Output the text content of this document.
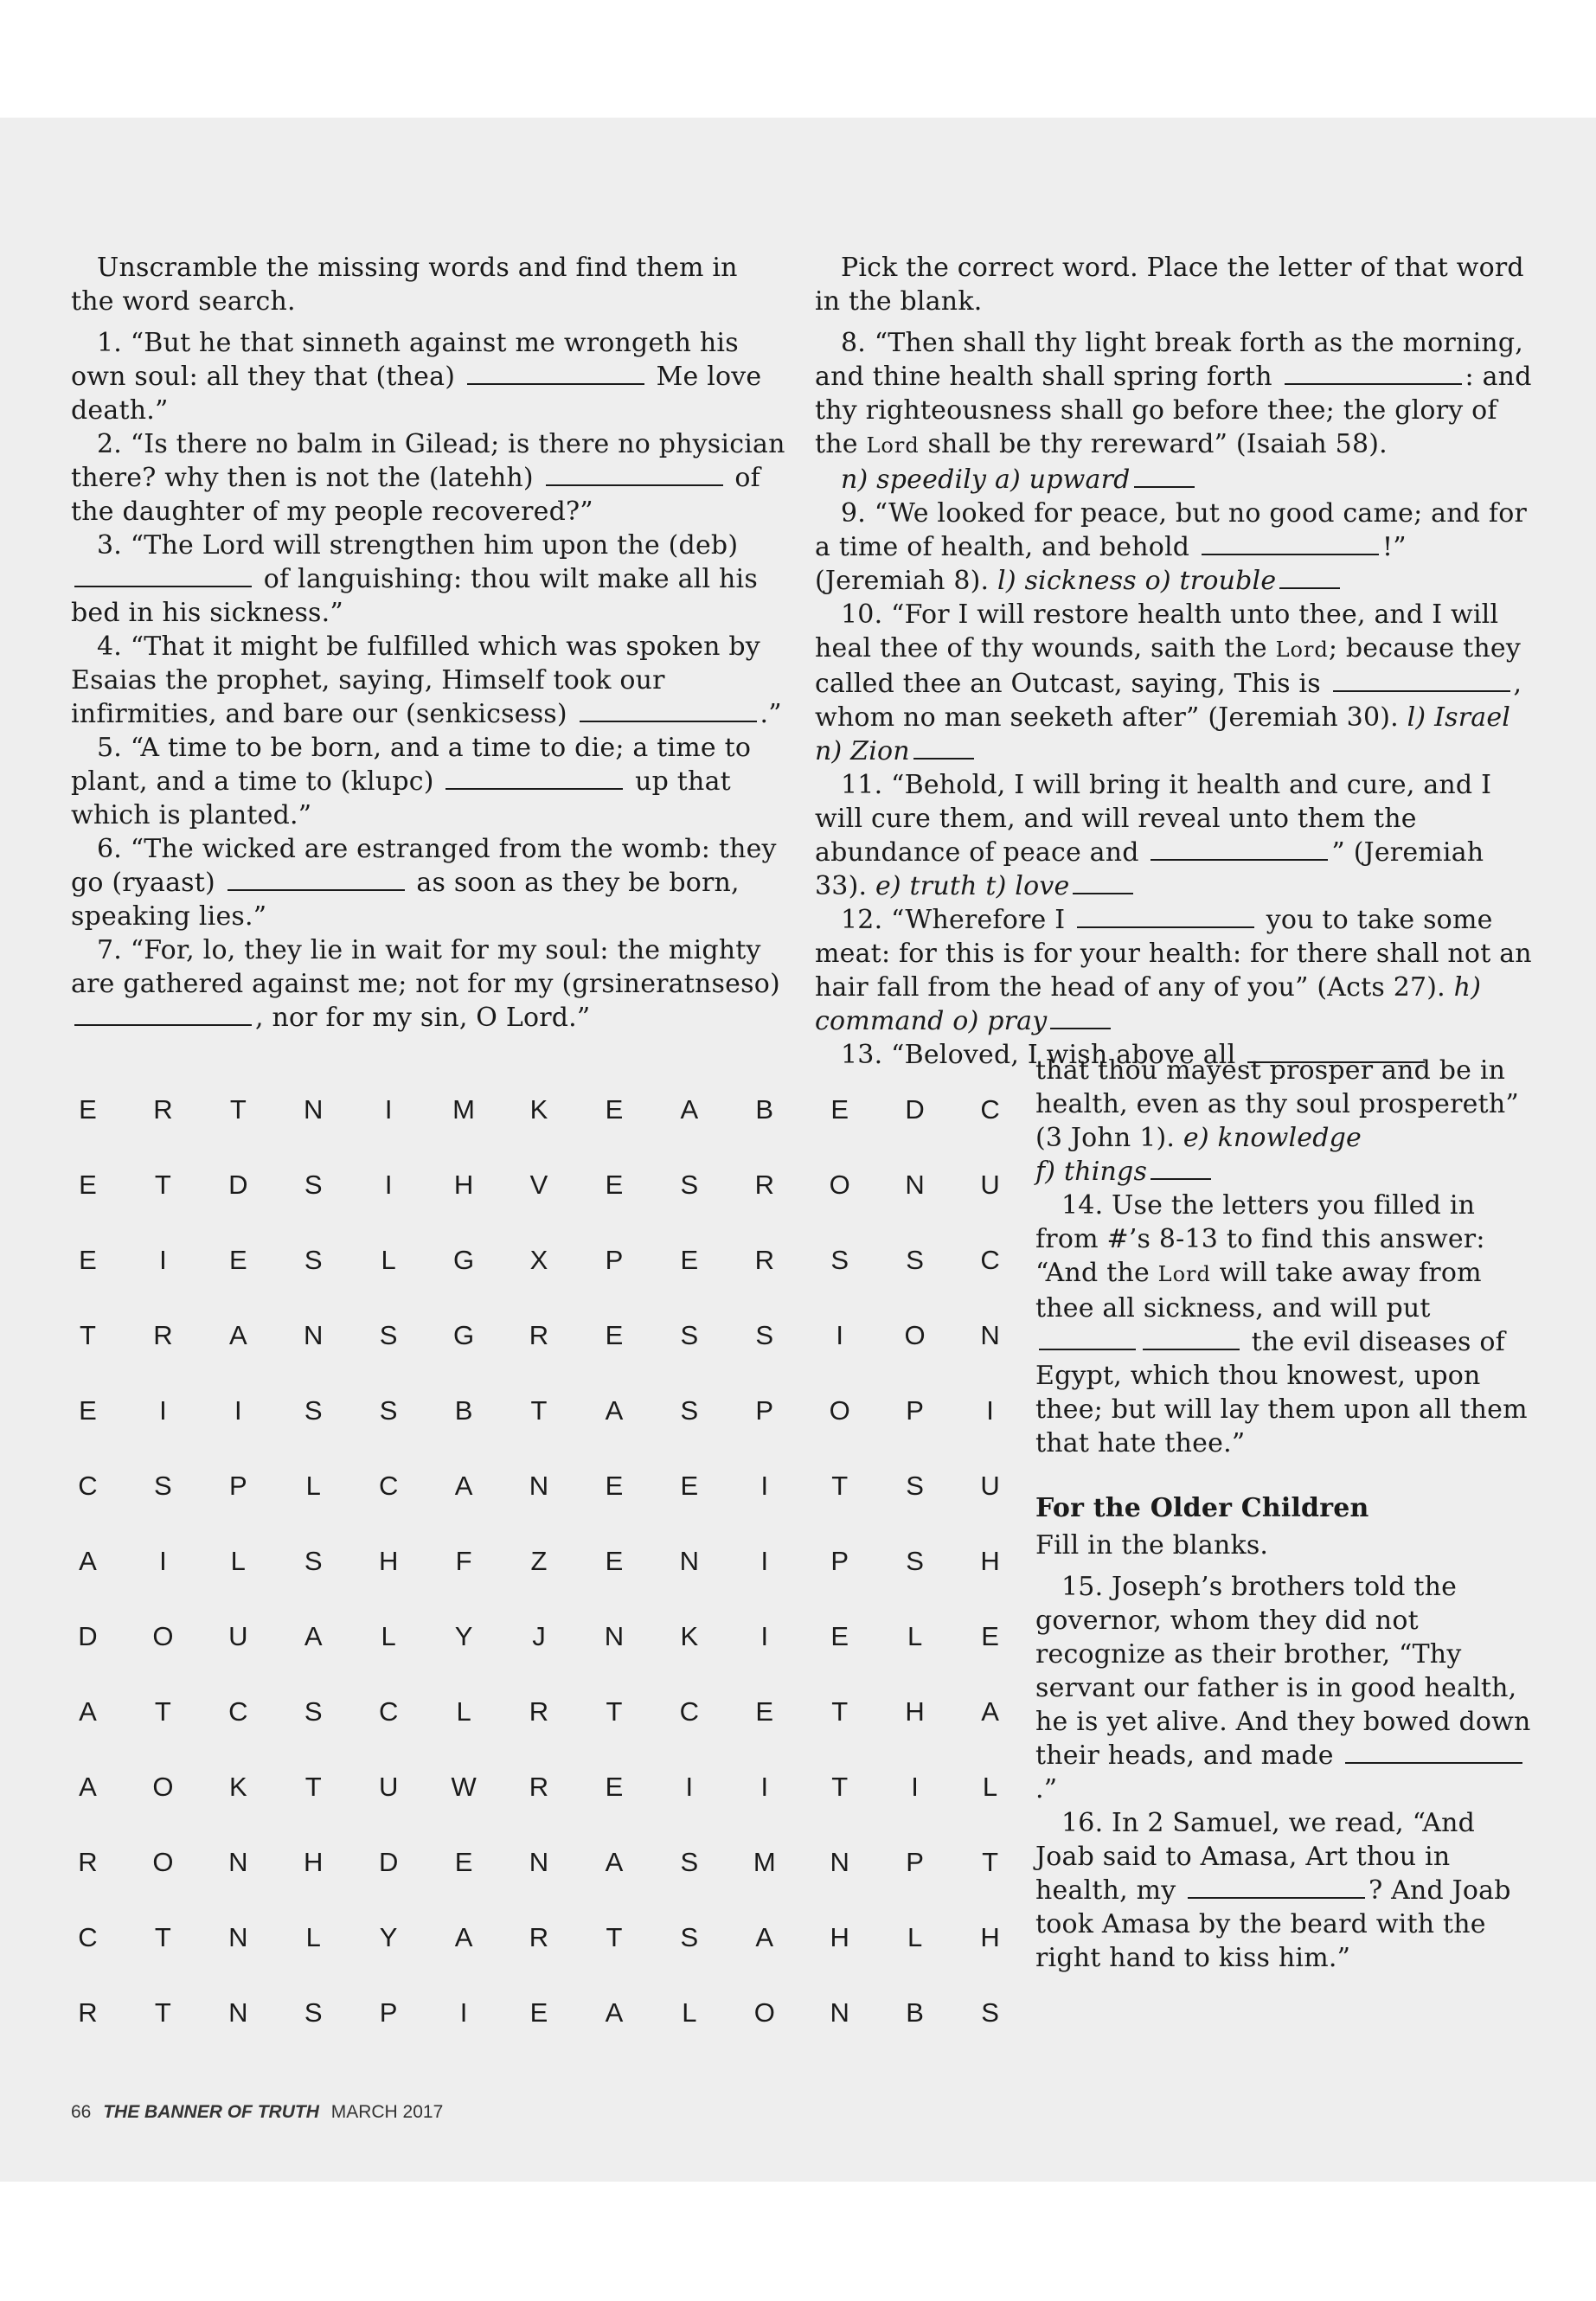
Unscramble the missing words and find them in the word search.

1. “But he that sinneth against me wrongeth his own soul: all they that (thea)	Me love death.”

2. “Is there no balm in Gilead; is there no physician there? why then is not the (latehh)	of the daughter of my people recovered?”

3. “The Lord will strengthen him upon the (deb)  of languishing: thou wilt make all his bed in his sickness.”

4. “That it might be fulfilled which was spoken by Esaias the prophet, saying, Himself took our infirmities, and bare our (senkicsess)	.”

5. “A time to be born, and a time to die; a time to plant, and a time to (klupc)	up that which is planted.”

6. “The wicked are estranged from the womb: they go (ryaast)	as soon as they be born, speaking lies.”

7. “For, lo, they lie in wait for my soul: the mighty are gathered against me; not for my (grsineratnseso) , nor for my sin, O Lord.”

Pick the correct word. Place the letter of that word in the blank.

8. “Then shall thy light break forth as the morning, and thine health shall spring forth	: and thy righteousness shall go before thee; the glory of the Lord shall be thy rereward” (Isaiah 58).

n) speedily a) upward

9. “We looked for peace, but no good came; and for a time of health, and behold	!” (Jeremiah 8). l) sickness o) trouble

10. “For I will restore health unto thee, and I will heal thee of thy wounds, saith the Lord; because they called thee an Outcast, saying, This is	, whom no man seeketh after” (Jeremiah 30). l) Israel n) Zion

11. “Behold, I will bring it health and cure, and I will cure them, and will reveal unto them the abundance of peace and	” (Jeremiah 33). e) truth t) love

12. “Wherefore I	you to take some meat: for this is for your health: for there shall not an hair fall from the head of any of you” (Acts 27). h) command o) pray

13. “Beloved, I wish above all

that thou mayest prosper and be in health, even as thy soul prospereth” (3 John 1). e) knowledge
f) things

14. Use the letters you filled in from #’s 8-13 to find this answer: “And the Lord will take away from thee all sickness, and will put  the evil diseases of Egypt, which thou knowest, upon thee; but will lay them upon all them that hate thee.”

For the Older Children

Fill in the blanks.

15. Joseph’s brothers told the governor, whom they did not recognize as their brother, “Thy servant our father is in good health, he is yet alive. And they bowed down their heads, and made .”

16. In 2 Samuel, we read, “And Joab said to Amasa, Art thou in health, my	? And Joab took Amasa by the beard with the right hand to kiss him.”

E	R	T	N	I	M	K	E	A	B	E	D	C
E	T	D	S	I	H	V	E	S	R	O	N	U
E	I	E	S	L	G	X	P	E	R	S	S	C
T	R	A	N	S	G	R	E	S	S	I	O	N
E	I	I	S	S	B	T	A	S	P	O	P	I
C	S	P	L	C	A	N	E	E	I	T	S	U
A	I	L	S	H	F	Z	E	N	I	P	S	H
D	O	U	A	L	Y	J	N	K	I	E	L	E
A	T	C	S	C	L	R	T	C	E	T	H	A
A	O	K	T	U	W	R	E	I	I	T	I	L
R	O	N	H	D	E	N	A	S	M	N	P	T
C	T	N	L	Y	A	R	T	S	A	H	L	H
R	T	N	S	P	I	E	A	L	O	N	B	S
66 THE BANNER OF TRUTH MARCH 2017
